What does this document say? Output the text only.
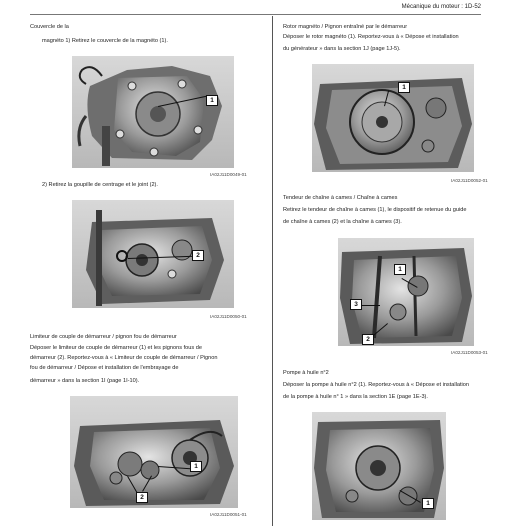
Mécanique du moteur : 1D-52
Couvercle de la
magnéto 1) Retirez le couvercle de la magnéto (1).
1
IA02J11D0049-01
2) Retirez la goupille de centrage et le joint (2).
2
IA02J11D0050-01
Limiteur de couple de démarreur / pignon fou de démarreur
Déposer le limiteur de couple de démarreur (1) et les pignons fous de
démarreur (2). Reportez-vous à « Limiteur de couple de démarreur / Pignon
fou de démarreur / Dépose et installation de l'embrayage de
démarreur » dans la section 1I (page 1I-10).
1
2
IA02J11D0051-01
Rotor magnéto / Pignon entraîné par le démarreur
Déposer le rotor magnéto (1). Reportez-vous à « Dépose et installation
du générateur » dans la section 1J (page 1J-5).
1
IA02J11D0052-01
Tendeur de chaîne à cames / Chaîne à cames
Retirez le tendeur de chaîne à cames (1), le dispositif de retenue du guide
de chaîne à cames (2) et la chaîne à cames (3).
1
3
2
IA02J11D0053-01
Pompe à huile n°2
Déposer la pompe à huile n°2 (1). Reportez-vous à « Dépose et installation
de la pompe à huile n° 1 » dans la section 1E (page 1E-3).
1
